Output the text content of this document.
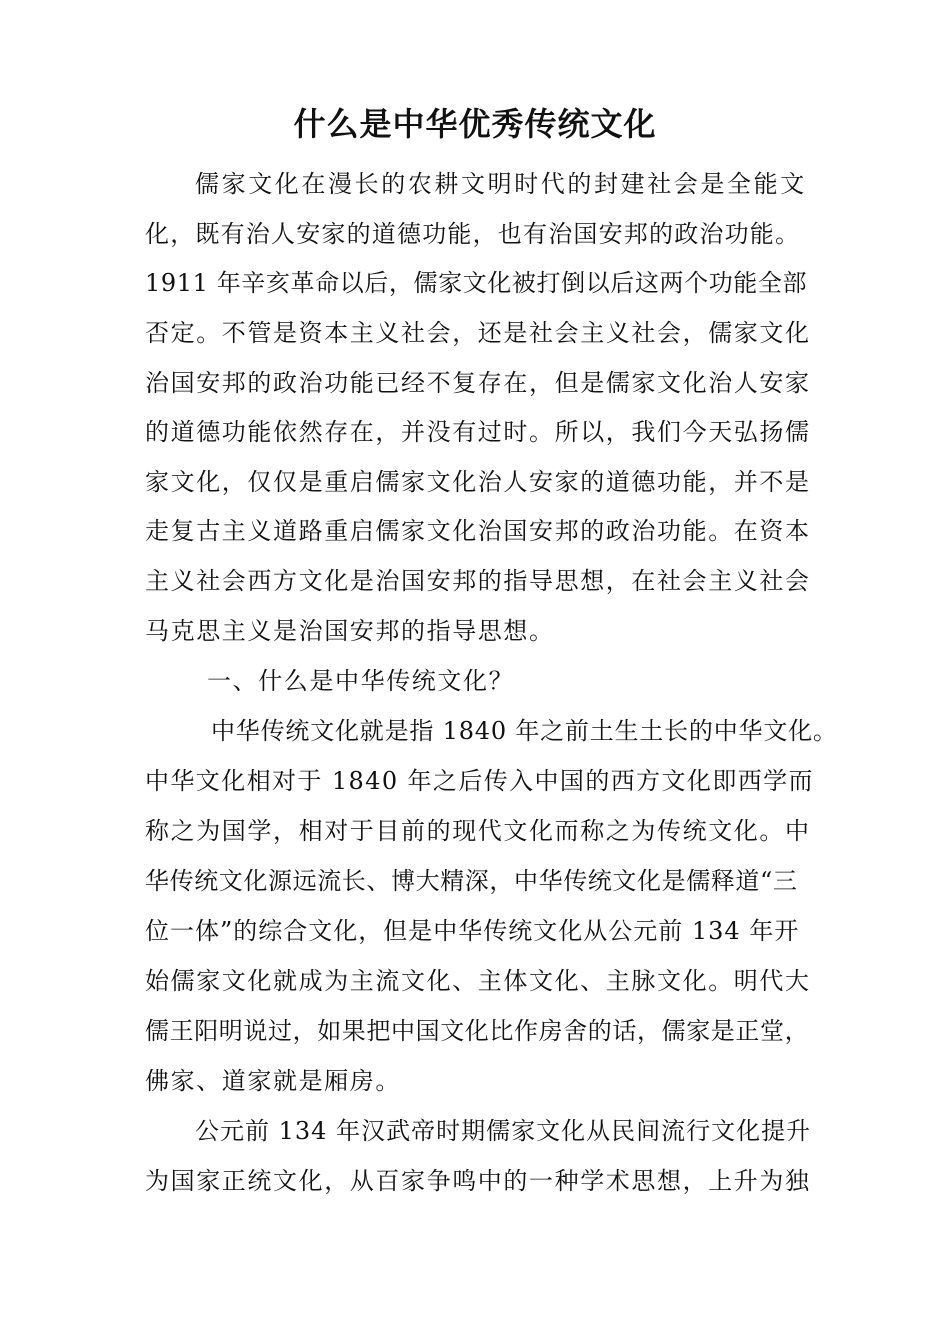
什么是中华优秀传统文化

儒家文化在漫长的农耕文明时代的封建社会是全能文

化，既有治人安家的道德功能，也有治国安邦的政治功能。

1911 年辛亥革命以后，儒家文化被打倒以后这两个功能全部

否定。不管是资本主义社会，还是社会主义社会，儒家文化

治国安邦的政治功能已经不复存在，但是儒家文化治人安家

的道德功能依然存在，并没有过时。所以，我们今天弘扬儒

家文化，仅仅是重启儒家文化治人安家的道德功能，并不是

走复古主义道路重启儒家文化治国安邦的政治功能。在资本

主义社会西方文化是治国安邦的指导思想，在社会主义社会

马克思主义是治国安邦的指导思想。

一、什么是中华传统文化？

中华传统文化就是指 1840 年之前土生土长的中华文化。

中华文化相对于 1840 年之后传入中国的西方文化即西学而

称之为国学，相对于目前的现代文化而称之为传统文化。中

华传统文化源远流长、博大精深，中华传统文化是儒释道“三

位一体”的综合文化，但是中华传统文化从公元前 134 年开

始儒家文化就成为主流文化、主体文化、主脉文化。明代大

儒王阳明说过，如果把中国文化比作房舍的话，儒家是正堂，

佛家、道家就是厢房。

公元前 134 年汉武帝时期儒家文化从民间流行文化提升

为国家正统文化，从百家争鸣中的一种学术思想，上升为独
